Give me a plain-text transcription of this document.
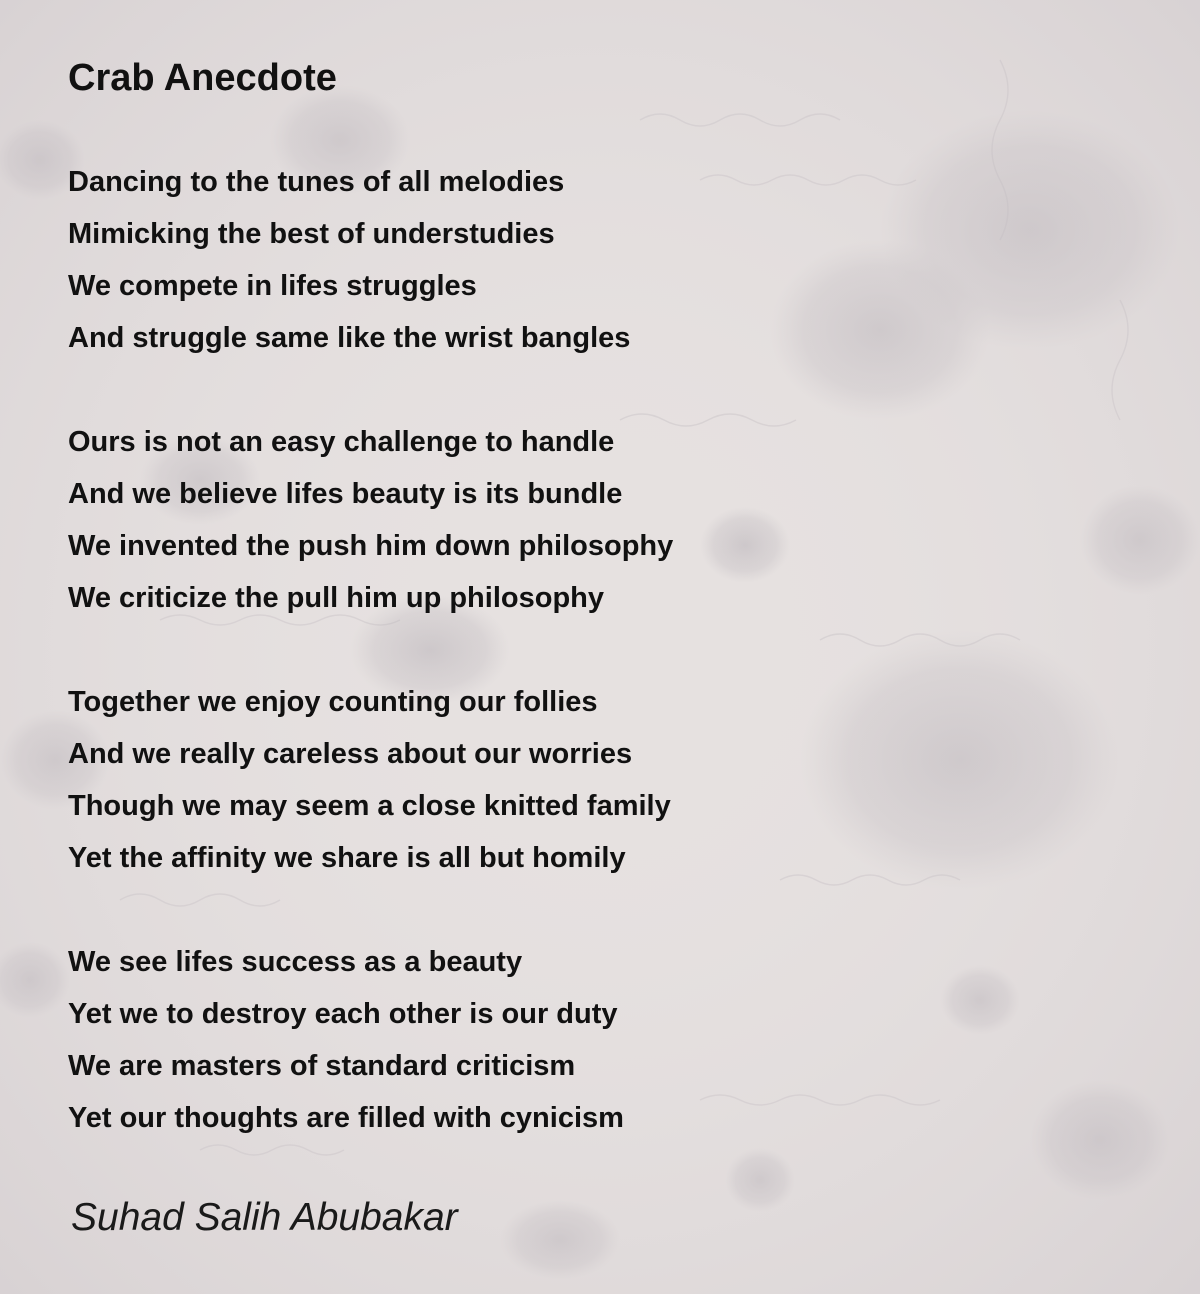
Crab Anecdote
Dancing to the tunes of all melodies
Mimicking the best of understudies
We compete in lifes struggles
And struggle same like the wrist bangles
Ours is not an easy challenge to handle
And we believe lifes beauty is its bundle
We invented the push him down philosophy
We criticize the pull him up philosophy
Together we enjoy counting our follies
And we really careless about our worries
Though we may seem a close knitted family
Yet the affinity we share is all but homily
We see lifes success as a beauty
Yet we to destroy each other is our duty
We are masters of standard criticism
Yet our thoughts are filled with cynicism
Suhad Salih Abubakar
